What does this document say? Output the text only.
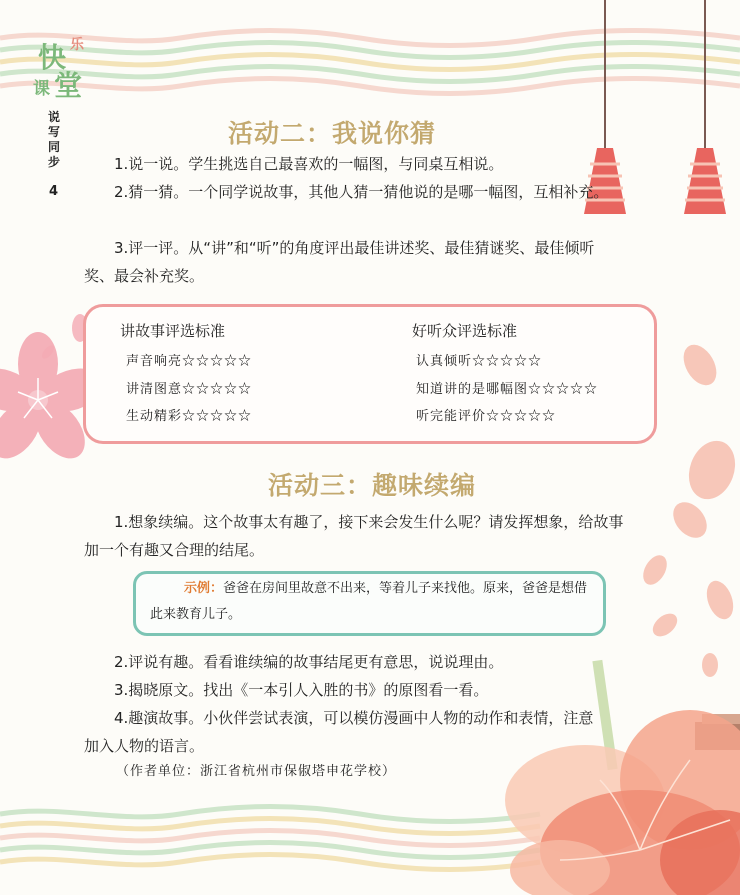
快 乐
课 堂
说写同步
4
活动二：我说你猜
1.说一说。学生挑选自己最喜欢的一幅图，与同桌互相说。
2.猜一猜。一个同学说故事，其他人猜一猜他说的是哪一幅图，互相补充。
3.评一评。从“讲”和“听”的角度评出最佳讲述奖、最佳猜谜奖、最佳倾听奖、最会补充奖。
讲故事评选标准
声音响亮☆☆☆☆☆
讲清图意☆☆☆☆☆
生动精彩☆☆☆☆☆
好听众评选标准
认真倾听☆☆☆☆☆
知道讲的是哪幅图☆☆☆☆☆
听完能评价☆☆☆☆☆
活动三：趣味续编
1.想象续编。这个故事太有趣了，接下来会发生什么呢？请发挥想象，给故事加一个有趣又合理的结尾。
示例：爸爸在房间里故意不出来，等着儿子来找他。原来，爸爸是想借此来教育儿子。
2.评说有趣。看看谁续编的故事结尾更有意思，说说理由。
3.揭晓原文。找出《一本引人入胜的书》的原图看一看。
4.趣演故事。小伙伴尝试表演，可以模仿漫画中人物的动作和表情，注意加入人物的语言。
（作者单位：浙江省杭州市保俶塔申花学校）
